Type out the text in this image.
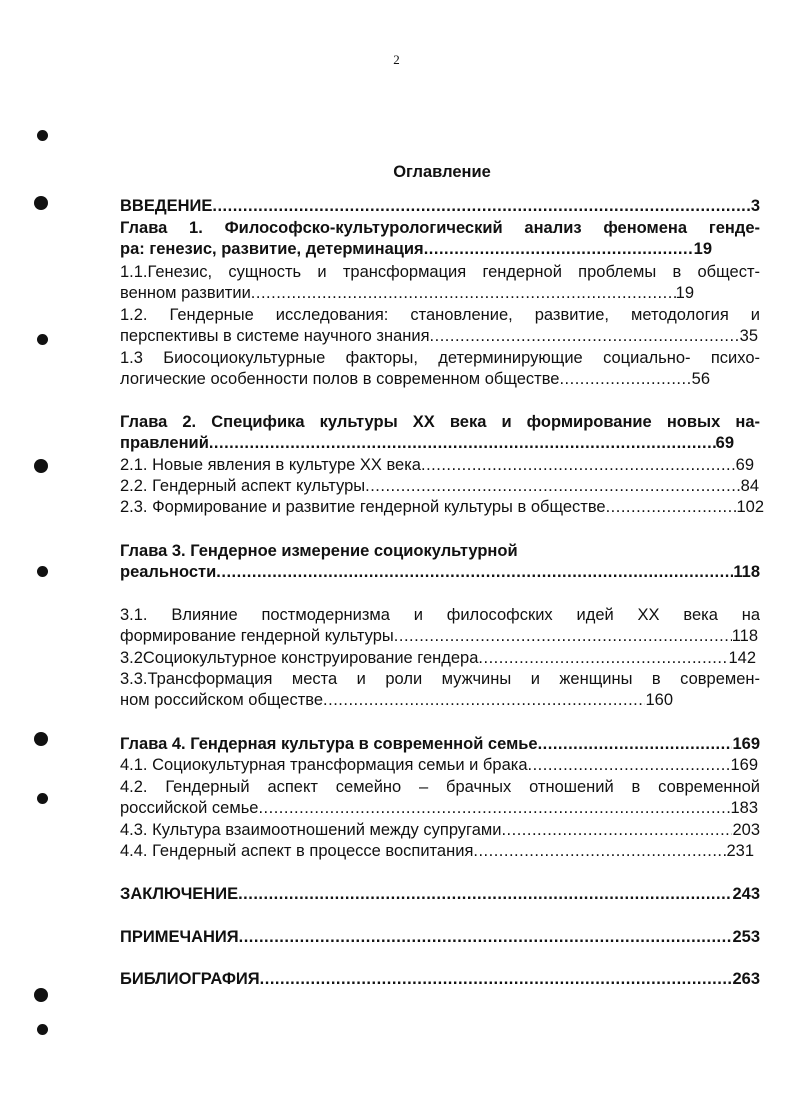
2
Оглавление
ВВЕДЕНИЕ .....	3
Глава 1. Философско-культурологический анализ феномена генде-
ра: генезис, развитие, детерминация .....	19
1.1.Генезис, сущность и трансформация гендерной проблемы в общест-
венном развитии .....	19
1.2. Гендерные исследования: становление, развитие, методология и
перспективы в системе научного знания .....	35
1.3 Биосоциокультурные факторы, детерминирующие социально- психо-
логические особенности полов в современном обществе .....	56
Глава 2. Специфика культуры XX века и формирование новых на-
правлений .....	69
2.1. Новые явления в культуре XX века .....	69
2.2. Гендерный аспект культуры .....	84
2.3. Формирование и развитие гендерной культуры в обществе .....	102
Глава 3. Гендерное измерение социокультурной
реальности .....	118
3.1. Влияние постмодернизма и философских идей XX века на
формирование гендерной культуры .....	118
3.2Социокультурное конструирование гендера .....	142
3.3.Трансформация места и роли мужчины и женщины в современ-
ном российском обществе .....	160
Глава 4. Гендерная культура в современной семье .....	169
4.1. Социокультурная трансформация семьи и брака .....	169
4.2. Гендерный аспект семейно – брачных отношений в современной
российской семье .....	183
4.3. Культура взаимоотношений между супругами .....	203
4.4. Гендерный аспект в процессе воспитания .....	231
ЗАКЛЮЧЕНИЕ .....	243
ПРИМЕЧАНИЯ .....	253
БИБЛИОГРАФИЯ .....	263
